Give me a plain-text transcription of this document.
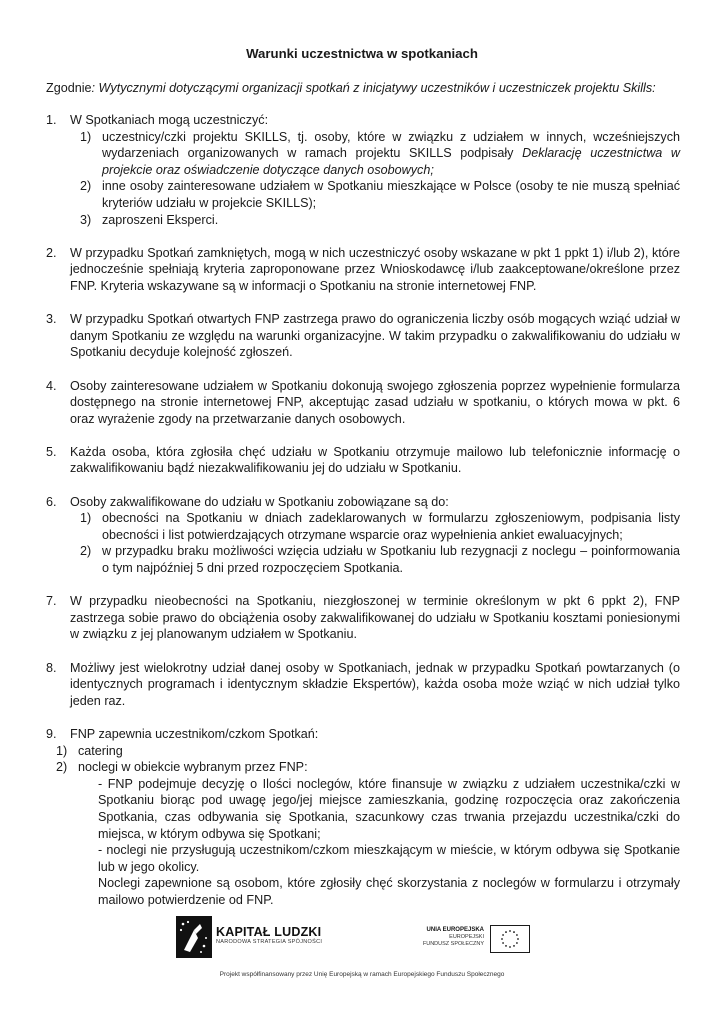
Warunki uczestnictwa w spotkaniach
Zgodnie: Wytycznymi dotyczącymi organizacji spotkań z inicjatywy uczestników i uczestniczek projektu Skills:
1. W Spotkaniach mogą uczestniczyć:
1) uczestnicy/czki projektu SKILLS, tj. osoby, które w związku z udziałem w innych, wcześniejszych wydarzeniach organizowanych w ramach projektu SKILLS podpisały Deklarację uczestnictwa w projekcie oraz oświadczenie dotyczące danych osobowych;
2) inne osoby zainteresowane udziałem w Spotkaniu mieszkające w Polsce (osoby te nie muszą spełniać kryteriów udziału w projekcie SKILLS);
3) zaproszeni Eksperci.
2. W przypadku Spotkań zamkniętych, mogą w nich uczestniczyć osoby wskazane w pkt 1 ppkt 1) i/lub 2), które jednocześnie spełniają kryteria zaproponowane przez Wnioskodawcę i/lub zaakceptowane/określone przez FNP. Kryteria wskazywane są w informacji o Spotkaniu na stronie internetowej FNP.
3. W przypadku Spotkań otwartych FNP zastrzega prawo do ograniczenia liczby osób mogących wziąć udział w danym Spotkaniu ze względu na warunki organizacyjne. W takim przypadku o zakwalifikowaniu do udziału w Spotkaniu decyduje kolejność zgłoszeń.
4. Osoby zainteresowane udziałem w Spotkaniu dokonują swojego zgłoszenia poprzez wypełnienie formularza dostępnego na stronie internetowej FNP, akceptując zasad udziału w spotkaniu, o których mowa w pkt. 6 oraz wyrażenie zgody na przetwarzanie danych osobowych.
5. Każda osoba, która zgłosiła chęć udziału w Spotkaniu otrzymuje mailowo lub telefonicznie informację o zakwalifikowaniu bądź niezakwalifikowaniu jej do udziału w Spotkaniu.
6. Osoby zakwalifikowane do udziału w Spotkaniu zobowiązane są do:
1) obecności na Spotkaniu w dniach zadeklarowanych w formularzu zgłoszeniowym, podpisania listy obecności i list potwierdzających otrzymane wsparcie oraz wypełnienia ankiet ewaluacyjnych;
2) w przypadku braku możliwości wzięcia udziału w Spotkaniu lub rezygnacji z noclegu – poinformowania o tym najpóźniej 5 dni przed rozpoczęciem Spotkania.
7. W przypadku nieobecności na Spotkaniu, niezgłoszonej w terminie określonym w pkt 6 ppkt 2), FNP zastrzega sobie prawo do obciążenia osoby zakwalifikowanej do udziału w Spotkaniu kosztami poniesionymi w związku z jej planowanym udziałem w Spotkaniu.
8. Możliwy jest wielokrotny udział danej osoby w Spotkaniach, jednak w przypadku Spotkań powtarzanych (o identycznych programach i identycznym składzie Ekspertów), każda osoba może wziąć w nich udział tylko jeden raz.
9. FNP zapewnia uczestnikom/czkom Spotkań:
1) catering
2) noclegi w obiekcie wybranym przez FNP:
- FNP podejmuje decyzję o Ilości noclegów, które finansuje w związku z udziałem uczestnika/czki w Spotkaniu biorąc pod uwagę jego/jej miejsce zamieszkania, godzinę rozpoczęcia oraz zakończenia Spotkania, czas odbywania się Spotkania, szacunkowy czas trwania przejazdu uczestnika/czki do miejsca, w którym odbywa się Spotkani;
- noclegi nie przysługują uczestnikom/czkom mieszkającym w mieście, w którym odbywa się Spotkanie lub w jego okolicy.
Noclegi zapewnione są osobom, które zgłosiły chęć skorzystania z noclegów w formularzu i otrzymały mailowo potwierdzenie od FNP.
KAPITAŁ LUDZKI
NARODOWA STRATEGIA SPÓJNOŚCI
UNIA EUROPEJSKA
EUROPEJSKI
FUNDUSZ SPOŁECZNY
Projekt współfinansowany przez Unię Europejską w ramach Europejskiego Funduszu Społecznego
